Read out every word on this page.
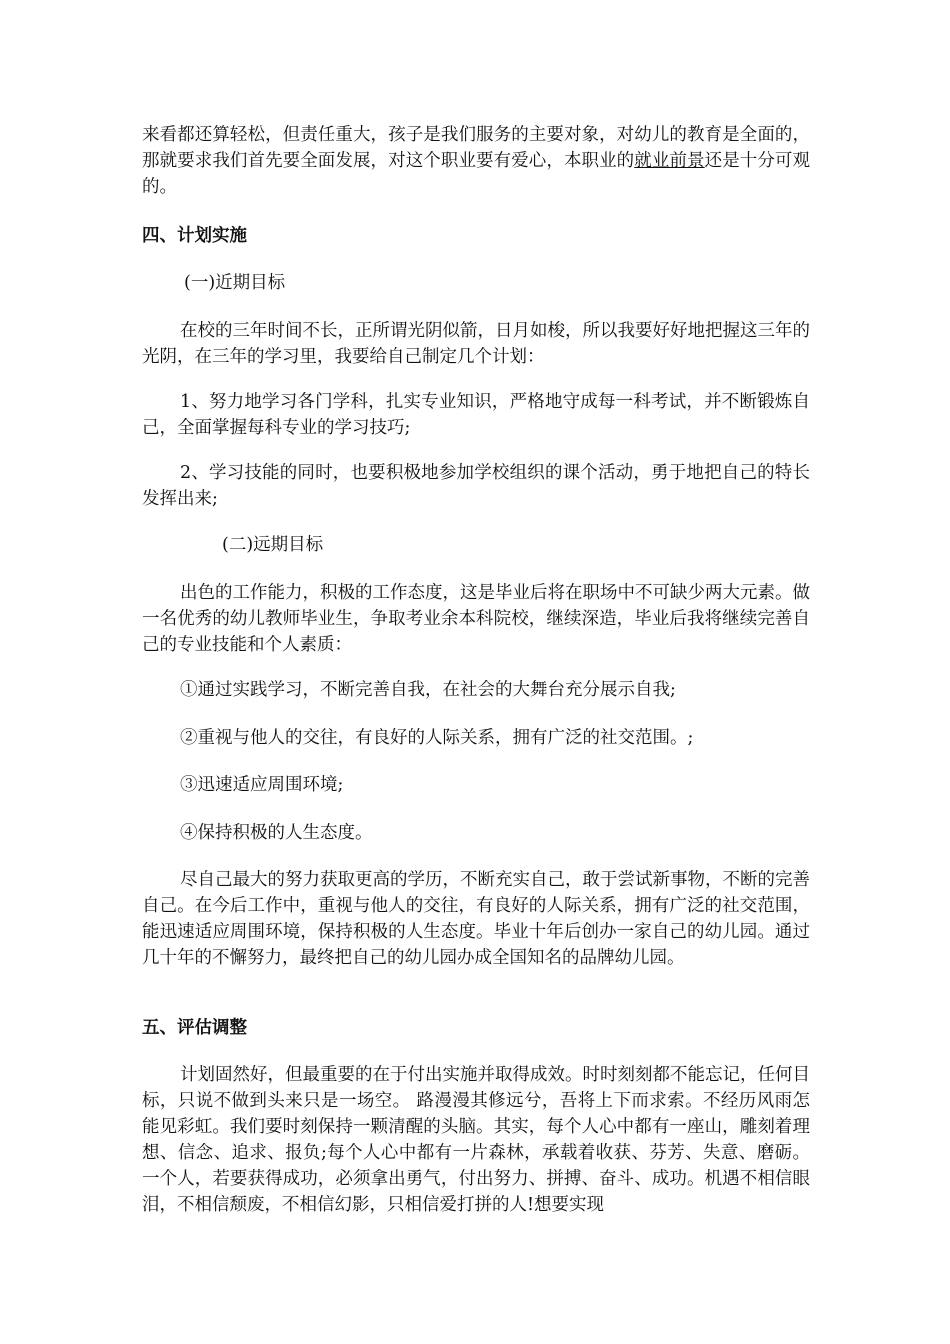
来看都还算轻松，但责任重大，孩子是我们服务的主要对象，对幼儿的教育是全面的，那就要求我们首先要全面发展，对这个职业要有爱心，本职业的就业前景还是十分可观的。

四、计划实施

(一)近期目标

在校的三年时间不长，正所谓光阴似箭，日月如梭，所以我要好好地把握这三年的光阴，在三年的学习里，我要给自己制定几个计划：

1、努力地学习各门学科，扎实专业知识，严格地守成每一科考试，并不断锻炼自己，全面掌握每科专业的学习技巧;

2、学习技能的同时，也要积极地参加学校组织的课个活动，勇于地把自己的特长发挥出来;

(二)远期目标

出色的工作能力，积极的工作态度，这是毕业后将在职场中不可缺少两大元素。做一名优秀的幼儿教师毕业生，争取考业余本科院校，继续深造，毕业后我将继续完善自己的专业技能和个人素质：

①通过实践学习，不断完善自我，在社会的大舞台充分展示自我;

②重视与他人的交往，有良好的人际关系，拥有广泛的社交范围。;

③迅速适应周围环境;

④保持积极的人生态度。

尽自己最大的努力获取更高的学历，不断充实自己，敢于尝试新事物，不断的完善自己。在今后工作中，重视与他人的交往，有良好的人际关系，拥有广泛的社交范围，能迅速适应周围环境，保持积极的人生态度。毕业十年后创办一家自己的幼儿园。通过几十年的不懈努力，最终把自己的幼儿园办成全国知名的品牌幼儿园。

五、评估调整

计划固然好，但最重要的在于付出实施并取得成效。时时刻刻都不能忘记，任何目标，只说不做到头来只是一场空。 路漫漫其修远兮，吾将上下而求索。不经历风雨怎能见彩虹。我们要时刻保持一颗清醒的头脑。其实，每个人心中都有一座山，雕刻着理想、信念、追求、报负;每个人心中都有一片森林，承载着收获、芬芳、失意、磨砺。一个人，若要获得成功，必须拿出勇气，付出努力、拼搏、奋斗、成功。机遇不相信眼泪，不相信颓废，不相信幻影，只相信爱打拼的人!想要实现
